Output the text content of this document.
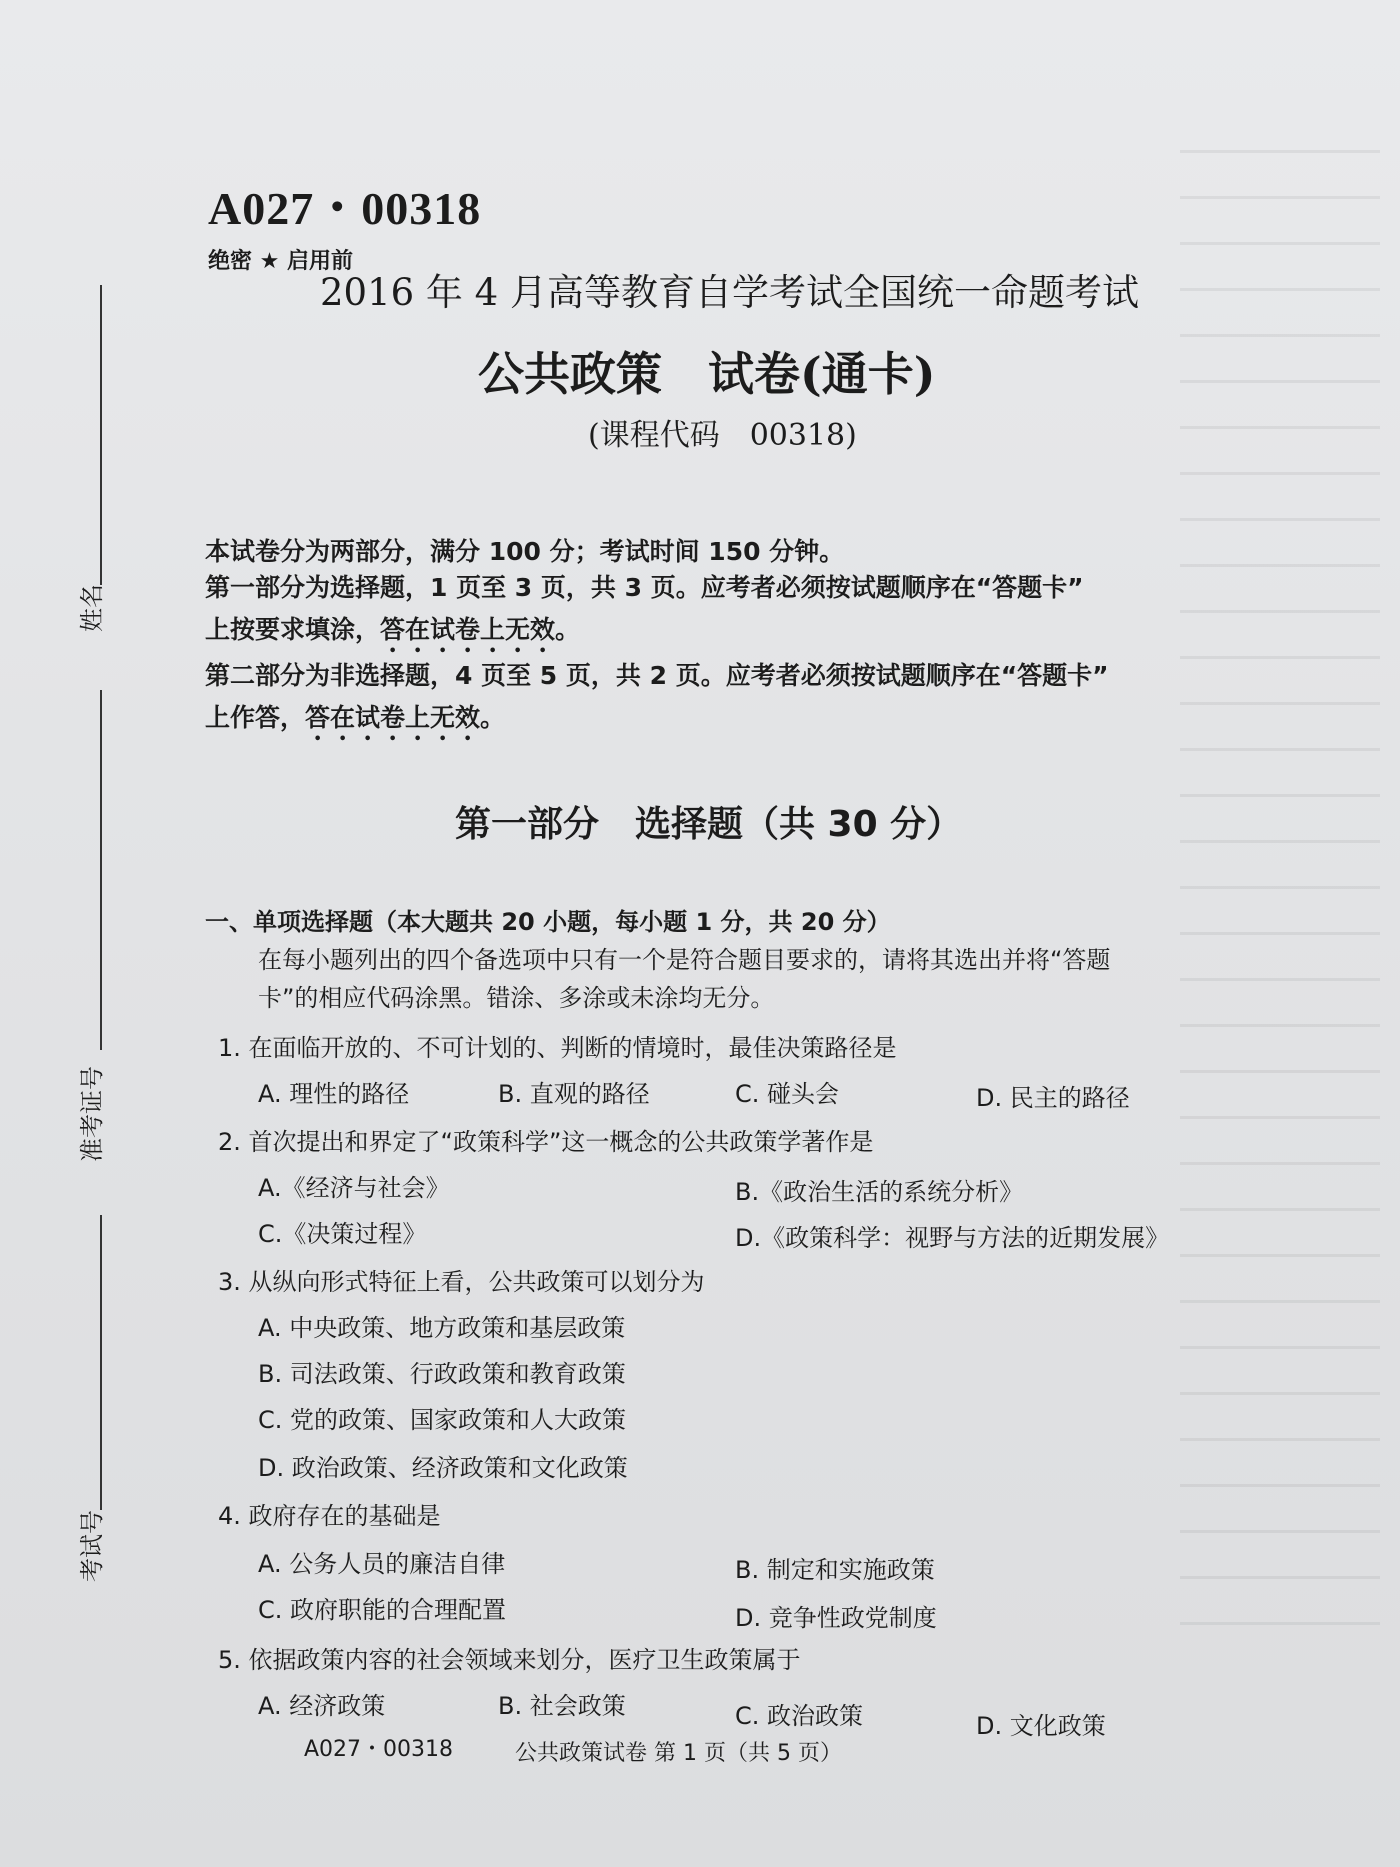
姓名
准考证号
考试号
A027・00318
绝密 ★ 启用前
2016 年 4 月高等教育自学考试全国统一命题考试
公共政策　试卷(通卡)
(课程代码　00318)
本试卷分为两部分，满分 100 分；考试时间 150 分钟。
第一部分为选择题，1 页至 3 页，共 3 页。应考者必须按试题顺序在“答题卡”
上按要求填涂，答在试卷上无效。
第二部分为非选择题，4 页至 5 页，共 2 页。应考者必须按试题顺序在“答题卡”
上作答，答在试卷上无效。
第一部分　选择题（共 30 分）
一、单项选择题（本大题共 20 小题，每小题 1 分，共 20 分）
在每小题列出的四个备选项中只有一个是符合题目要求的，请将其选出并将“答题
卡”的相应代码涂黑。错涂、多涂或未涂均无分。
1. 在面临开放的、不可计划的、判断的情境时，最佳决策路径是
A. 理性的路径	B. 直观的路径	C. 碰头会	D. 民主的路径
2. 首次提出和界定了“政策科学”这一概念的公共政策学著作是
A.《经济与社会》	B.《政治生活的系统分析》
C.《决策过程》	D.《政策科学：视野与方法的近期发展》
3. 从纵向形式特征上看，公共政策可以划分为
A. 中央政策、地方政策和基层政策
B. 司法政策、行政政策和教育政策
C. 党的政策、国家政策和人大政策
D. 政治政策、经济政策和文化政策
4. 政府存在的基础是
A. 公务人员的廉洁自律	B. 制定和实施政策
C. 政府职能的合理配置	D. 竞争性政党制度
5. 依据政策内容的社会领域来划分，医疗卫生政策属于
A. 经济政策	B. 社会政策	C. 政治政策	D. 文化政策
A027・00318	公共政策试卷 第 1 页（共 5 页）
